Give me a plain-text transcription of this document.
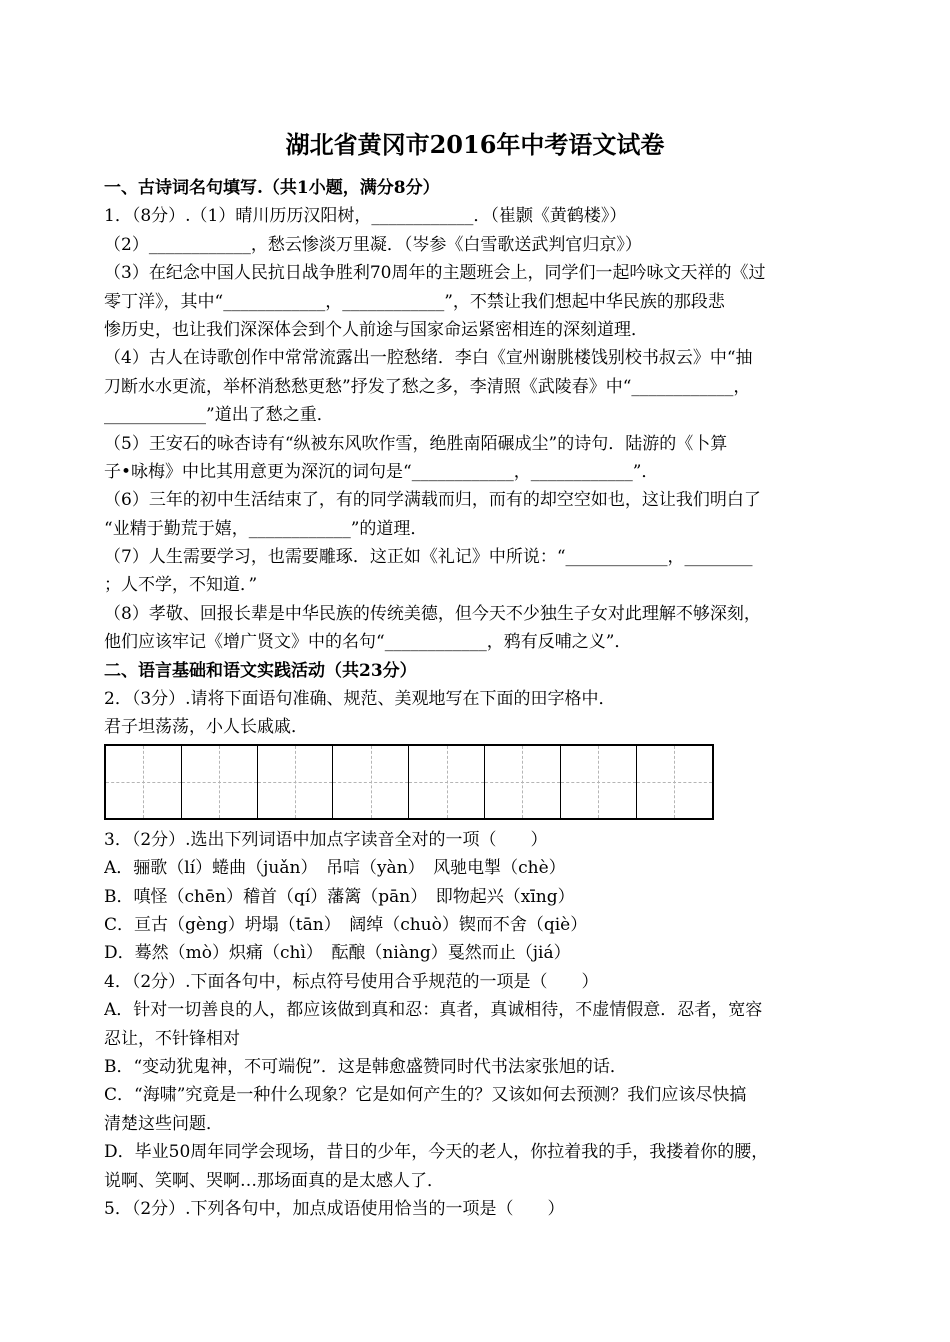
湖北省黄冈市2016年中考语文试卷
一、古诗词名句填写.（共1小题，满分8分）
1．（8分）.（1）晴川历历汉阳树，____________．（崔颢《黄鹤楼》）
（2）____________，愁云惨淡万里凝．（岑参《白雪歌送武判官归京》）
（3）在纪念中国人民抗日战争胜利70周年的主题班会上，同学们一起吟咏文天祥的《过
零丁洋》，其中“____________，____________”，不禁让我们想起中华民族的那段悲
惨历史，也让我们深深体会到个人前途与国家命运紧密相连的深刻道理．
（4）古人在诗歌创作中常常流露出一腔愁绪．李白《宣州谢朓楼饯别校书叔云》中“抽
刀断水水更流，举杯消愁愁更愁”抒发了愁之多，李清照《武陵春》中“____________，
____________”道出了愁之重．
（5）王安石的咏杏诗有“纵被东风吹作雪，绝胜南陌碾成尘”的诗句．陆游的《卜算
子•咏梅》中比其用意更为深沉的词句是“____________，____________”．
（6）三年的初中生活结束了，有的同学满载而归，而有的却空空如也，这让我们明白了
“业精于勤荒于嬉，____________”的道理．
（7）人生需要学习，也需要雕琢．这正如《礼记》中所说：“____________，________
；人不学，不知道．”
（8）孝敬、回报长辈是中华民族的传统美德，但今天不少独生子女对此理解不够深刻，
他们应该牢记《增广贤文》中的名句“____________，鸦有反哺之义”．
二、语言基础和语文实践活动（共23分）
2．（3分）.请将下面语句准确、规范、美观地写在下面的田字格中．
君子坦荡荡，小人长戚戚．
3．（2分）.选出下列词语中加点字读音全对的一项（　　）
A．骊歌（lí）蜷曲（juǎn）　吊唁（yàn）　风驰电掣（chè）
B．嗔怪（chēn）稽首（qí）藩篱（pān）　即物起兴（xīng）
C．亘古（gèng）坍塌（tān）　阔绰（chuò）锲而不舍（qiè）
D．蓦然（mò）炽痛（chì）　酝酿（niàng）戛然而止（jiá）
4．（2分）.下面各句中，标点符号使用合乎规范的一项是（　　）
A．针对一切善良的人，都应该做到真和忍：真者，真诚相待，不虚情假意．忍者，宽容
忍让，不针锋相对
B．“变动犹鬼神，不可端倪”．这是韩愈盛赞同时代书法家张旭的话．
C．“海啸”究竟是一种什么现象？它是如何产生的？又该如何去预测？我们应该尽快搞
清楚这些问题．
D．毕业50周年同学会现场，昔日的少年，今天的老人，你拉着我的手，我搂着你的腰，
说啊、笑啊、哭啊…那场面真的是太感人了．
5．（2分）.下列各句中，加点成语使用恰当的一项是（　　）
